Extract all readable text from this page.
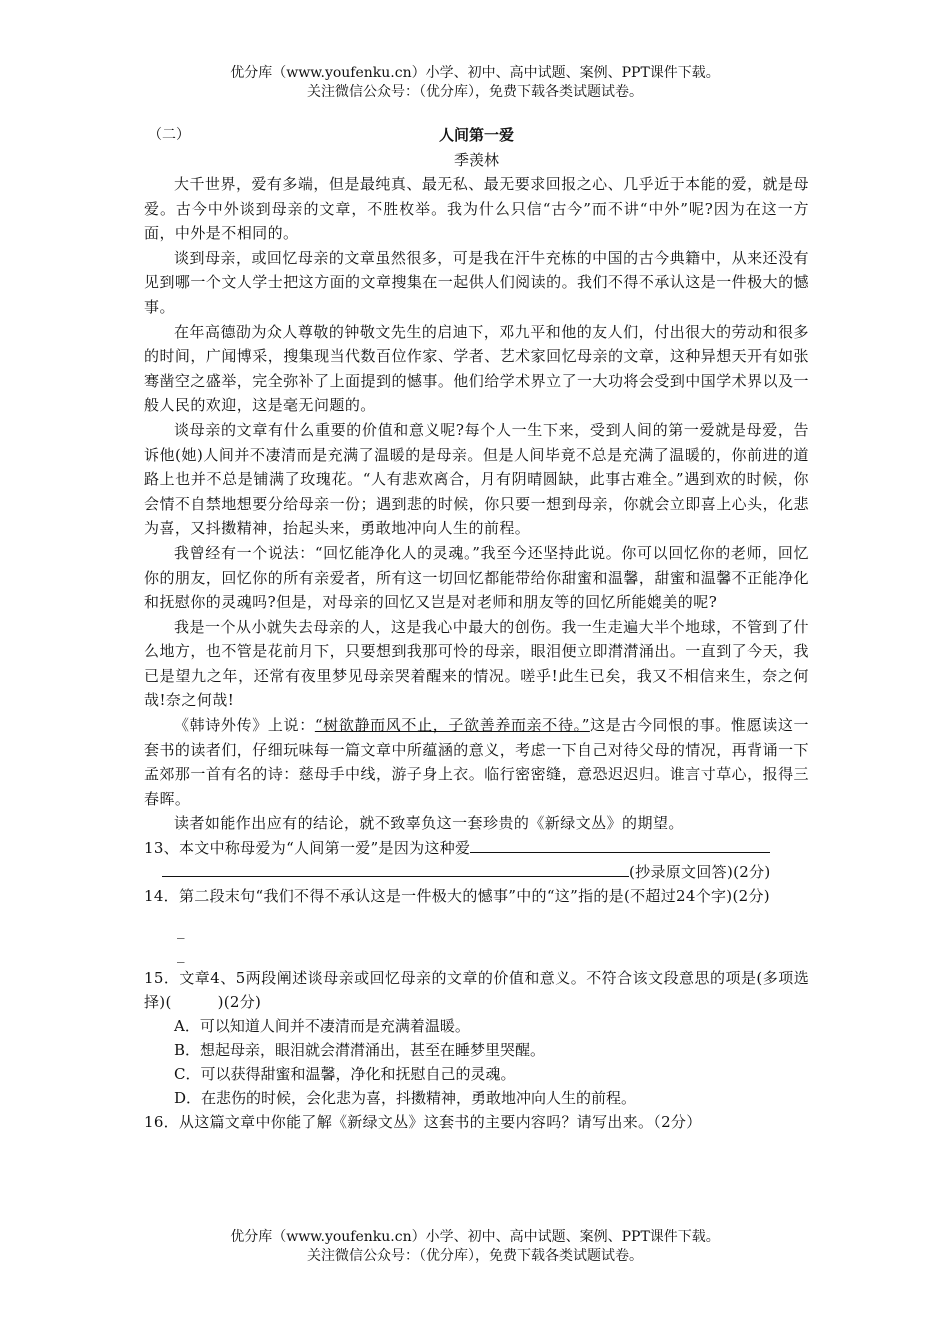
优分库（www.youfenku.cn）小学、初中、高中试题、案例、PPT课件下载。
关注微信公众号：（优分库），免费下载各类试题试卷。
（二）	人间第一爱
季羡林

大千世界，爱有多端，但是最纯真、最无私、最无要求回报之心、几乎近于本能的爱，就是母爱。古今中外谈到母亲的文章，不胜枚举。我为什么只信“古今”而不讲“中外”呢?因为在这一方面，中外是不相同的。

谈到母亲，或回忆母亲的文章虽然很多，可是我在汗牛充栋的中国的古今典籍中，从来还没有见到哪一个文人学士把这方面的文章搜集在一起供人们阅读的。我们不得不承认这是一件极大的憾事。

在年高德劭为众人尊敬的钟敬文先生的启迪下，邓九平和他的友人们，付出很大的劳动和很多的时间，广闻博采，搜集现当代数百位作家、学者、艺术家回忆母亲的文章，这种异想天开有如张骞凿空之盛举，完全弥补了上面提到的憾事。他们给学术界立了一大功将会受到中国学术界以及一般人民的欢迎，这是毫无问题的。

谈母亲的文章有什么重要的价值和意义呢?每个人一生下来，受到人间的第一爱就是母爱，告诉他(她)人间并不凄清而是充满了温暖的是母亲。但是人间毕竟不总是充满了温暖的，你前进的道路上也并不总是铺满了玫瑰花。“人有悲欢离合，月有阴晴圆缺，此事古难全。”遇到欢的时候，你会情不自禁地想要分给母亲一份；遇到悲的时候，你只要一想到母亲，你就会立即喜上心头，化悲为喜，又抖擞精神，抬起头来，勇敢地冲向人生的前程。

我曾经有一个说法：“回忆能净化人的灵魂。”我至今还坚持此说。你可以回忆你的老师，回忆你的朋友，回忆你的所有亲爱者，所有这一切回忆都能带给你甜蜜和温馨，甜蜜和温馨不正能净化和抚慰你的灵魂吗?但是，对母亲的回忆又岂是对老师和朋友等的回忆所能媲美的呢?

我是一个从小就失去母亲的人，这是我心中最大的创伤。我一生走遍大半个地球，不管到了什么地方，也不管是花前月下，只要想到我那可怜的母亲，眼泪便立即潸潸涌出。一直到了今天，我已是望九之年，还常有夜里梦见母亲哭着醒来的情况。嗟乎!此生已矣，我又不相信来生，奈之何哉!奈之何哉!

《韩诗外传》上说：“树欲静而风不止，子欲善养而亲不待。”这是古今同恨的事。惟愿读这一套书的读者们，仔细玩味每一篇文章中所蕴涵的意义，考虑一下自己对待父母的情况，再背诵一下孟郊那一首有名的诗：慈母手中线，游子身上衣。临行密密缝，意恐迟迟归。谁言寸草心，报得三春晖。

读者如能作出应有的结论，就不致辜负这一套珍贵的《新绿文丛》的期望。

13、本文中称母爱为“人间第一爱”是因为这种爱
(抄录原文回答)(2分)
14．第二段末句“我们不得不承认这是一件极大的憾事”中的“这”指的是(不超过24个字)(2分)
_
_
15．文章4、5两段阐述谈母亲或回忆母亲的文章的价值和意义。不符合该文段意思的项是(多项选择)(	)(2分)
A．可以知道人间并不凄清而是充满着温暖。
B．想起母亲，眼泪就会潸潸涌出，甚至在睡梦里哭醒。
C．可以获得甜蜜和温馨，净化和抚慰自己的灵魂。
D．在悲伤的时候，会化悲为喜，抖擞精神，勇敢地冲向人生的前程。
16．从这篇文章中你能了解《新绿文丛》这套书的主要内容吗？请写出来。（2分）
优分库（www.youfenku.cn）小学、初中、高中试题、案例、PPT课件下载。
关注微信公众号：（优分库），免费下载各类试题试卷。
